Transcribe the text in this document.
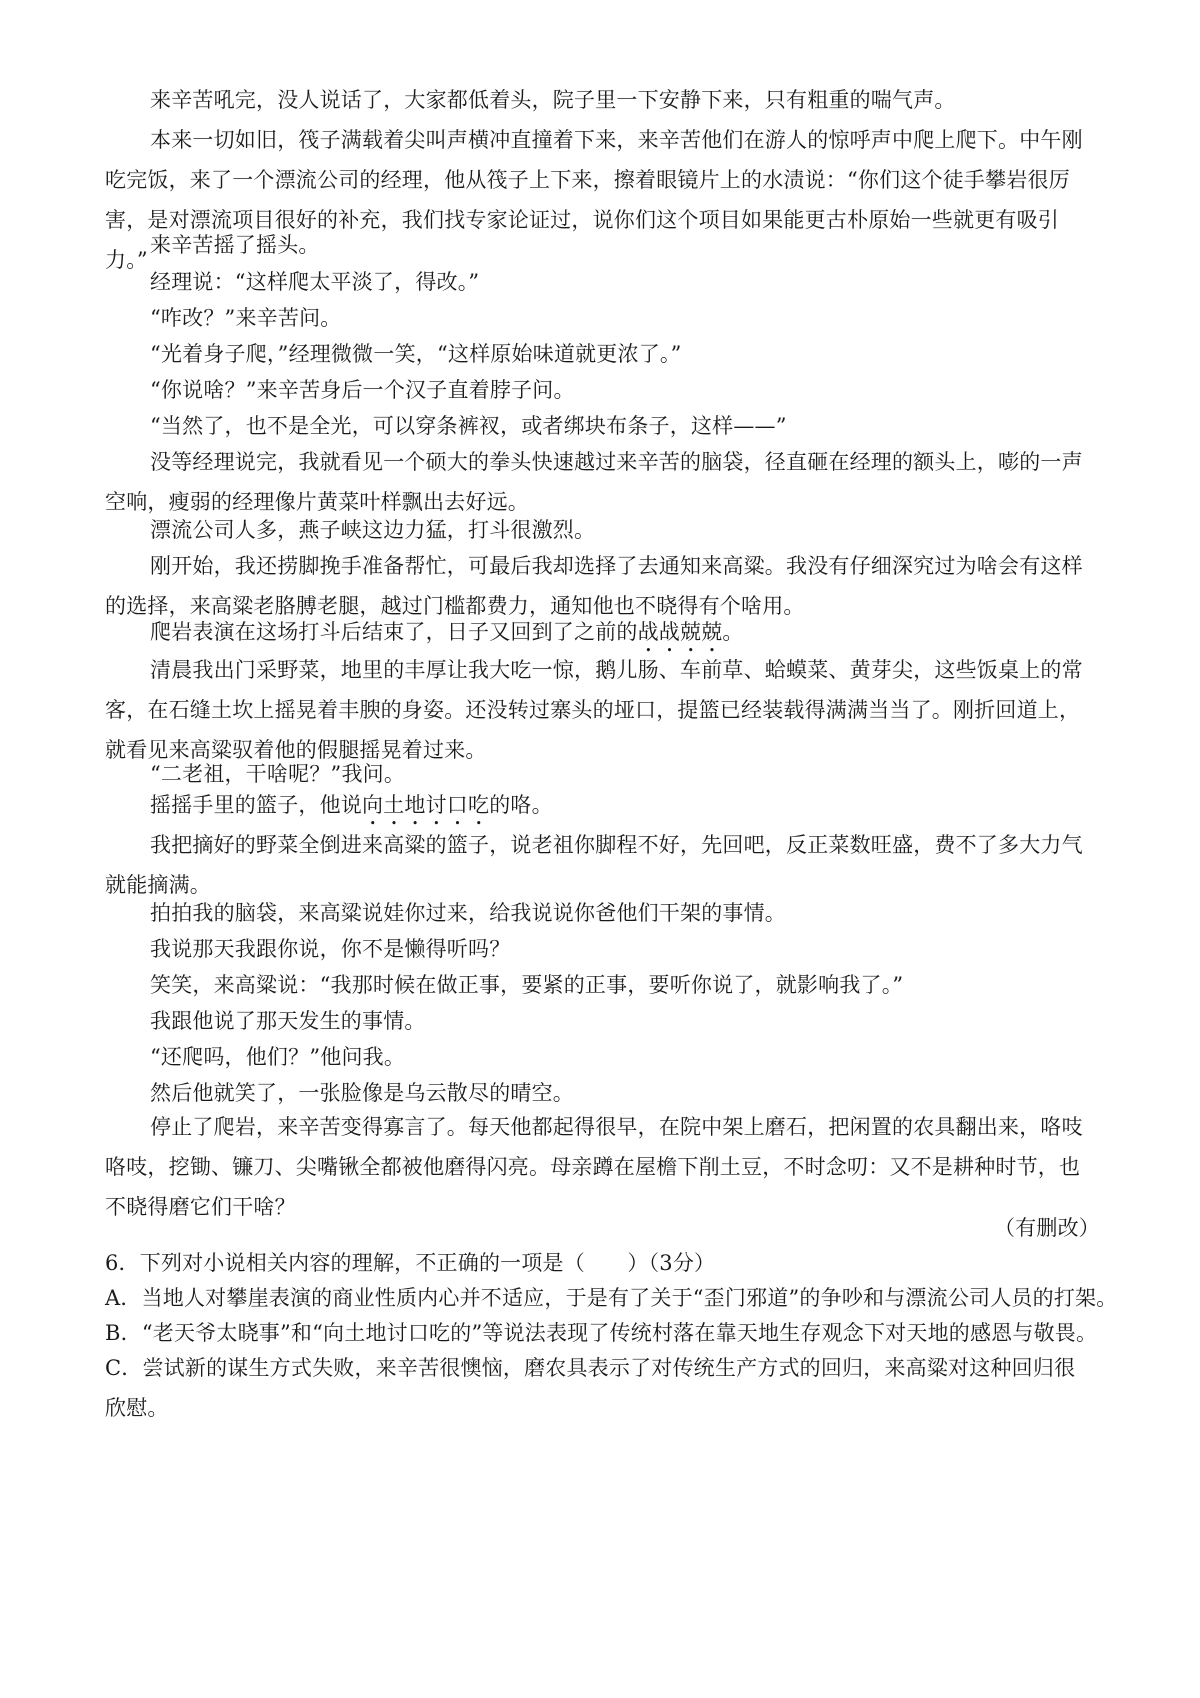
来辛苦吼完，没人说话了，大家都低着头，院子里一下安静下来，只有粗重的喘气声。

本来一切如旧，筏子满载着尖叫声横冲直撞着下来，来辛苦他们在游人的惊呼声中爬上爬下。中午刚吃完饭，来了一个漂流公司的经理，他从筏子上下来，擦着眼镜片上的水渍说：“你们这个徒手攀岩很厉害，是对漂流项目很好的补充，我们找专家论证过，说你们这个项目如果能更古朴原始一些就更有吸引力。”

来辛苦摇了摇头。

经理说：“这样爬太平淡了，得改。”

“咋改？”来辛苦问。

“光着身子爬，”经理微微一笑，“这样原始味道就更浓了。”

“你说啥？”来辛苦身后一个汉子直着脖子问。

“当然了，也不是全光，可以穿条裤衩，或者绑块布条子，这样——”

没等经理说完，我就看见一个硕大的拳头快速越过来辛苦的脑袋，径直砸在经理的额头上，嘭的一声空响，瘦弱的经理像片黄菜叶样飘出去好远。

漂流公司人多，燕子峡这边力猛，打斗很激烈。

刚开始，我还捞脚挽手准备帮忙，可最后我却选择了去通知来高粱。我没有仔细深究过为啥会有这样的选择，来高粱老胳膊老腿，越过门槛都费力，通知他也不晓得有个啥用。

爬岩表演在这场打斗后结束了，日子又回到了之前的战战兢兢。

清晨我出门采野菜，地里的丰厚让我大吃一惊，鹅儿肠、车前草、蛤蟆菜、黄芽尖，这些饭桌上的常客，在石缝土坎上摇晃着丰腴的身姿。还没转过寨头的垭口，提篮已经装载得满满当当了。刚折回道上，就看见来高粱驭着他的假腿摇晃着过来。

“二老祖，干啥呢？”我问。

摇摇手里的篮子，他说向土地讨口吃的咯。

我把摘好的野菜全倒进来高粱的篮子，说老祖你脚程不好，先回吧，反正菜数旺盛，费不了多大力气就能摘满。

拍拍我的脑袋，来高粱说娃你过来，给我说说你爸他们干架的事情。

我说那天我跟你说，你不是懒得听吗？

笑笑，来高粱说：“我那时候在做正事，要紧的正事，要听你说了，就影响我了。”

我跟他说了那天发生的事情。

“还爬吗，他们？”他问我。

然后他就笑了，一张脸像是乌云散尽的晴空。

停止了爬岩，来辛苦变得寡言了。每天他都起得很早，在院中架上磨石，把闲置的农具翻出来，咯吱咯吱，挖锄、镰刀、尖嘴锹全都被他磨得闪亮。母亲蹲在屋檐下削土豆，不时念叨：又不是耕种时节，也不晓得磨它们干啥？

（有删改）

6．下列对小说相关内容的理解，不正确的一项是（　　）（3分）

A．当地人对攀崖表演的商业性质内心并不适应，于是有了关于“歪门邪道”的争吵和与漂流公司人员的打架。

B．“老天爷太晓事”和“向土地讨口吃的”等说法表现了传统村落在靠天地生存观念下对天地的感恩与敬畏。

C．尝试新的谋生方式失败，来辛苦很懊恼，磨农具表示了对传统生产方式的回归，来高粱对这种回归很欣慰。
